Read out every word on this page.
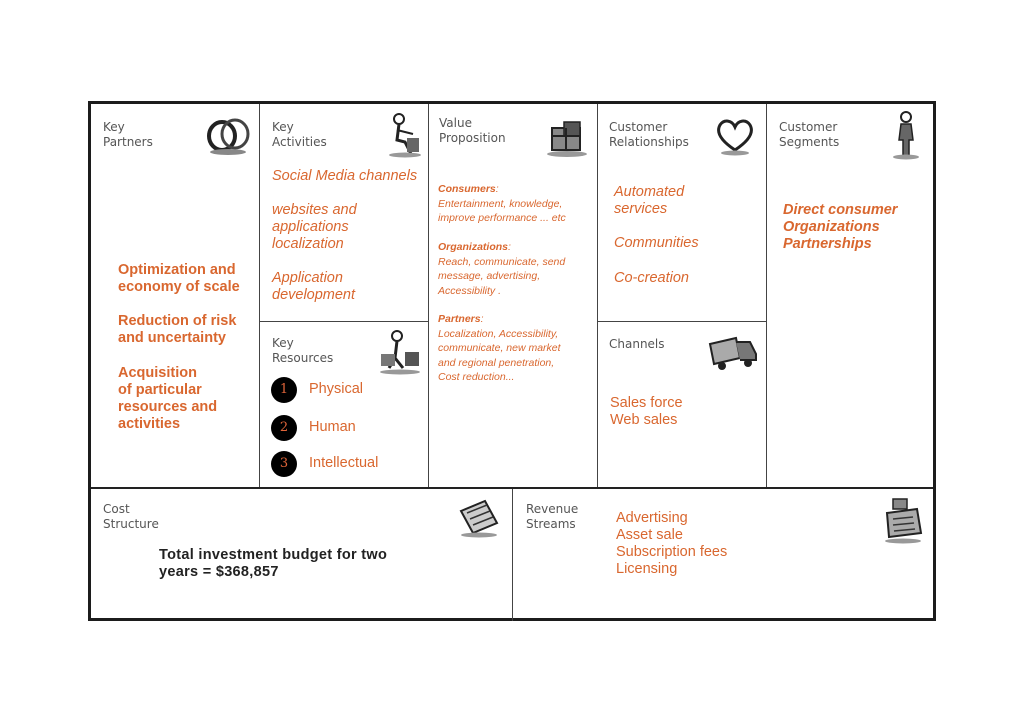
Key
Partners
Optimization and
economy of scale
Reduction of risk
and uncertainty
Acquisition
of particular
resources and
activities
Key
Activities
Social Media channels
websites and
applications
localization
Application
development
Key
Resources
1	Physical
2	Human
3	Intellectual
Value
Proposition
Consumers:
Entertainment, knowledge,
improve performance ... etc
Organizations:
Reach, communicate, send
message, advertising,
Accessibility .
Partners:
Localization, Accessibility,
communicate, new market
and regional penetration,
Cost reduction...
Customer
Relationships
Automated
services
Communities
Co-creation
Channels
Sales force
Web sales
Customer
Segments
Direct consumer
Organizations
Partnerships
Cost
Structure
Total investment budget for two
years = $368,857
Revenue
Streams	Advertising
Asset sale
Subscription fees
Licensing
